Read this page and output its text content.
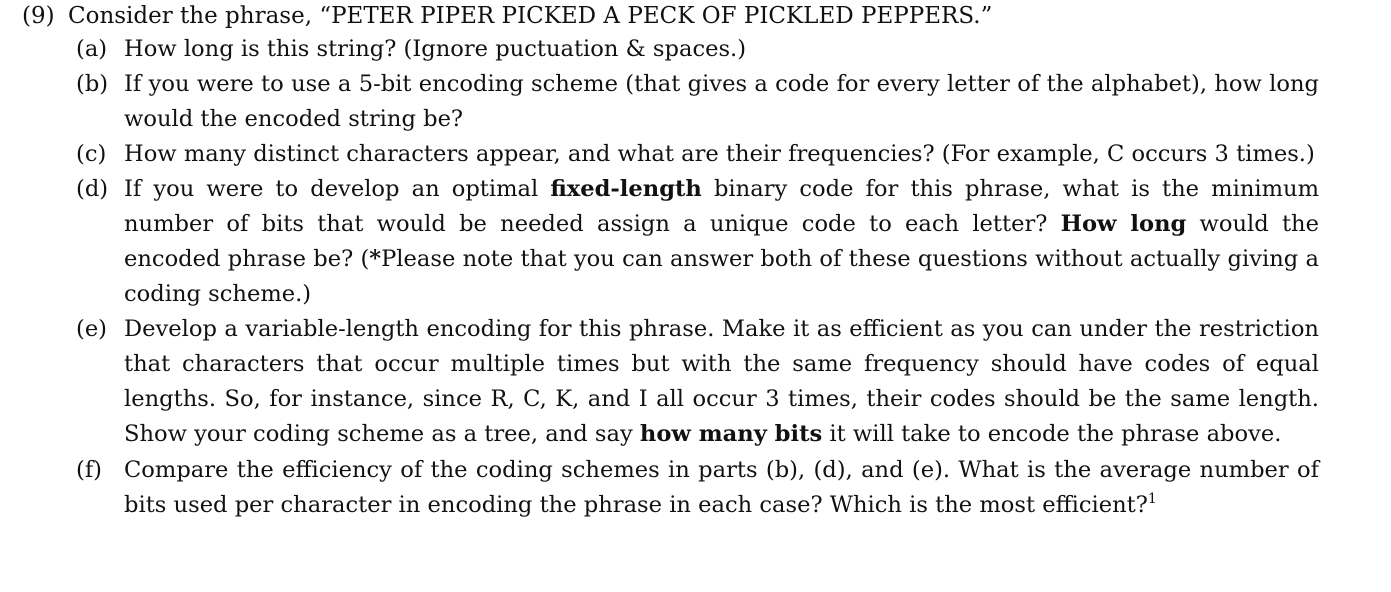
(9) Consider the phrase, “PETER PIPER PICKED A PECK OF PICKLED PEPPERS.”
(a) How long is this string? (Ignore puctuation & spaces.)
(b) If you were to use a 5-bit encoding scheme (that gives a code for every letter of the alphabet), how long would the encoded string be?
(c) How many distinct characters appear, and what are their frequencies? (For example, C occurs 3 times.)
(d) If you were to develop an optimal fixed-length binary code for this phrase, what is the minimum number of bits that would be needed assign a unique code to each letter? How long would the encoded phrase be? (*Please note that you can answer both of these questions without actually giving a coding scheme.)
(e) Develop a variable-length encoding for this phrase. Make it as efficient as you can under the restriction that characters that occur multiple times but with the same frequency should have codes of equal lengths. So, for instance, since R, C, K, and I all occur 3 times, their codes should be the same length. Show your coding scheme as a tree, and say how many bits it will take to encode the phrase above.
(f) Compare the efficiency of the coding schemes in parts (b), (d), and (e). What is the average number of bits used per character in encoding the phrase in each case? Which is the most efficient?$^1$
